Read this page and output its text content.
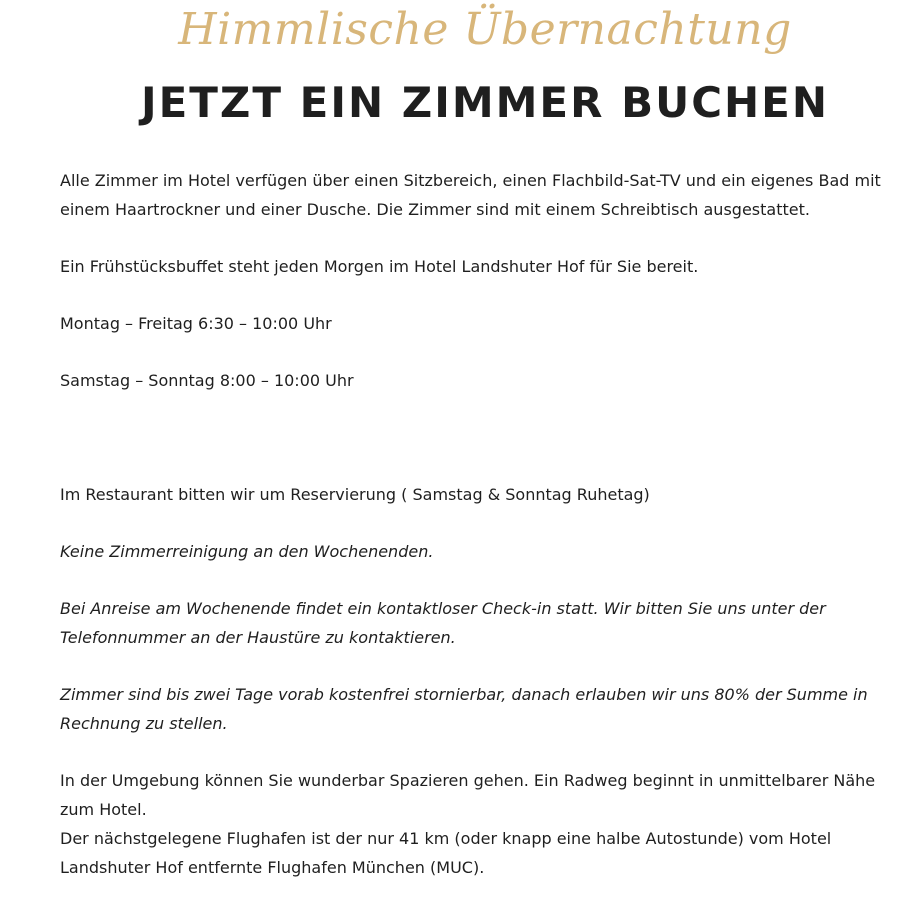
Himmlische Übernachtung
JETZT EIN ZIMMER BUCHEN

Alle Zimmer im Hotel verfügen über einen Sitzbereich, einen Flachbild-Sat-TV und ein eigenes Bad mit einem Haartrockner und einer Dusche. Die Zimmer sind mit einem Schreibtisch ausgestattet.

Ein Frühstücksbuffet steht jeden Morgen im Hotel Landshuter Hof für Sie bereit.

Montag – Freitag 6:30 – 10:00 Uhr

Samstag – Sonntag 8:00 – 10:00 Uhr

Im Restaurant bitten wir um Reservierung ( Samstag & Sonntag Ruhetag)

Keine Zimmerreinigung an den Wochenenden.

Bei Anreise am Wochenende findet ein kontaktloser Check-in statt. Wir bitten Sie uns unter der Telefonnummer an der Haustüre zu kontaktieren.

Zimmer sind bis zwei Tage vorab kostenfrei stornierbar, danach erlauben wir uns 80% der Summe in Rechnung zu stellen.

In der Umgebung können Sie wunderbar Spazieren gehen. Ein Radweg beginnt in unmittelbarer Nähe zum Hotel.
Der nächstgelegene Flughafen ist der nur 41 km (oder knapp eine halbe Autostunde) vom Hotel Landshuter Hof entfernte Flughafen München (MUC).
